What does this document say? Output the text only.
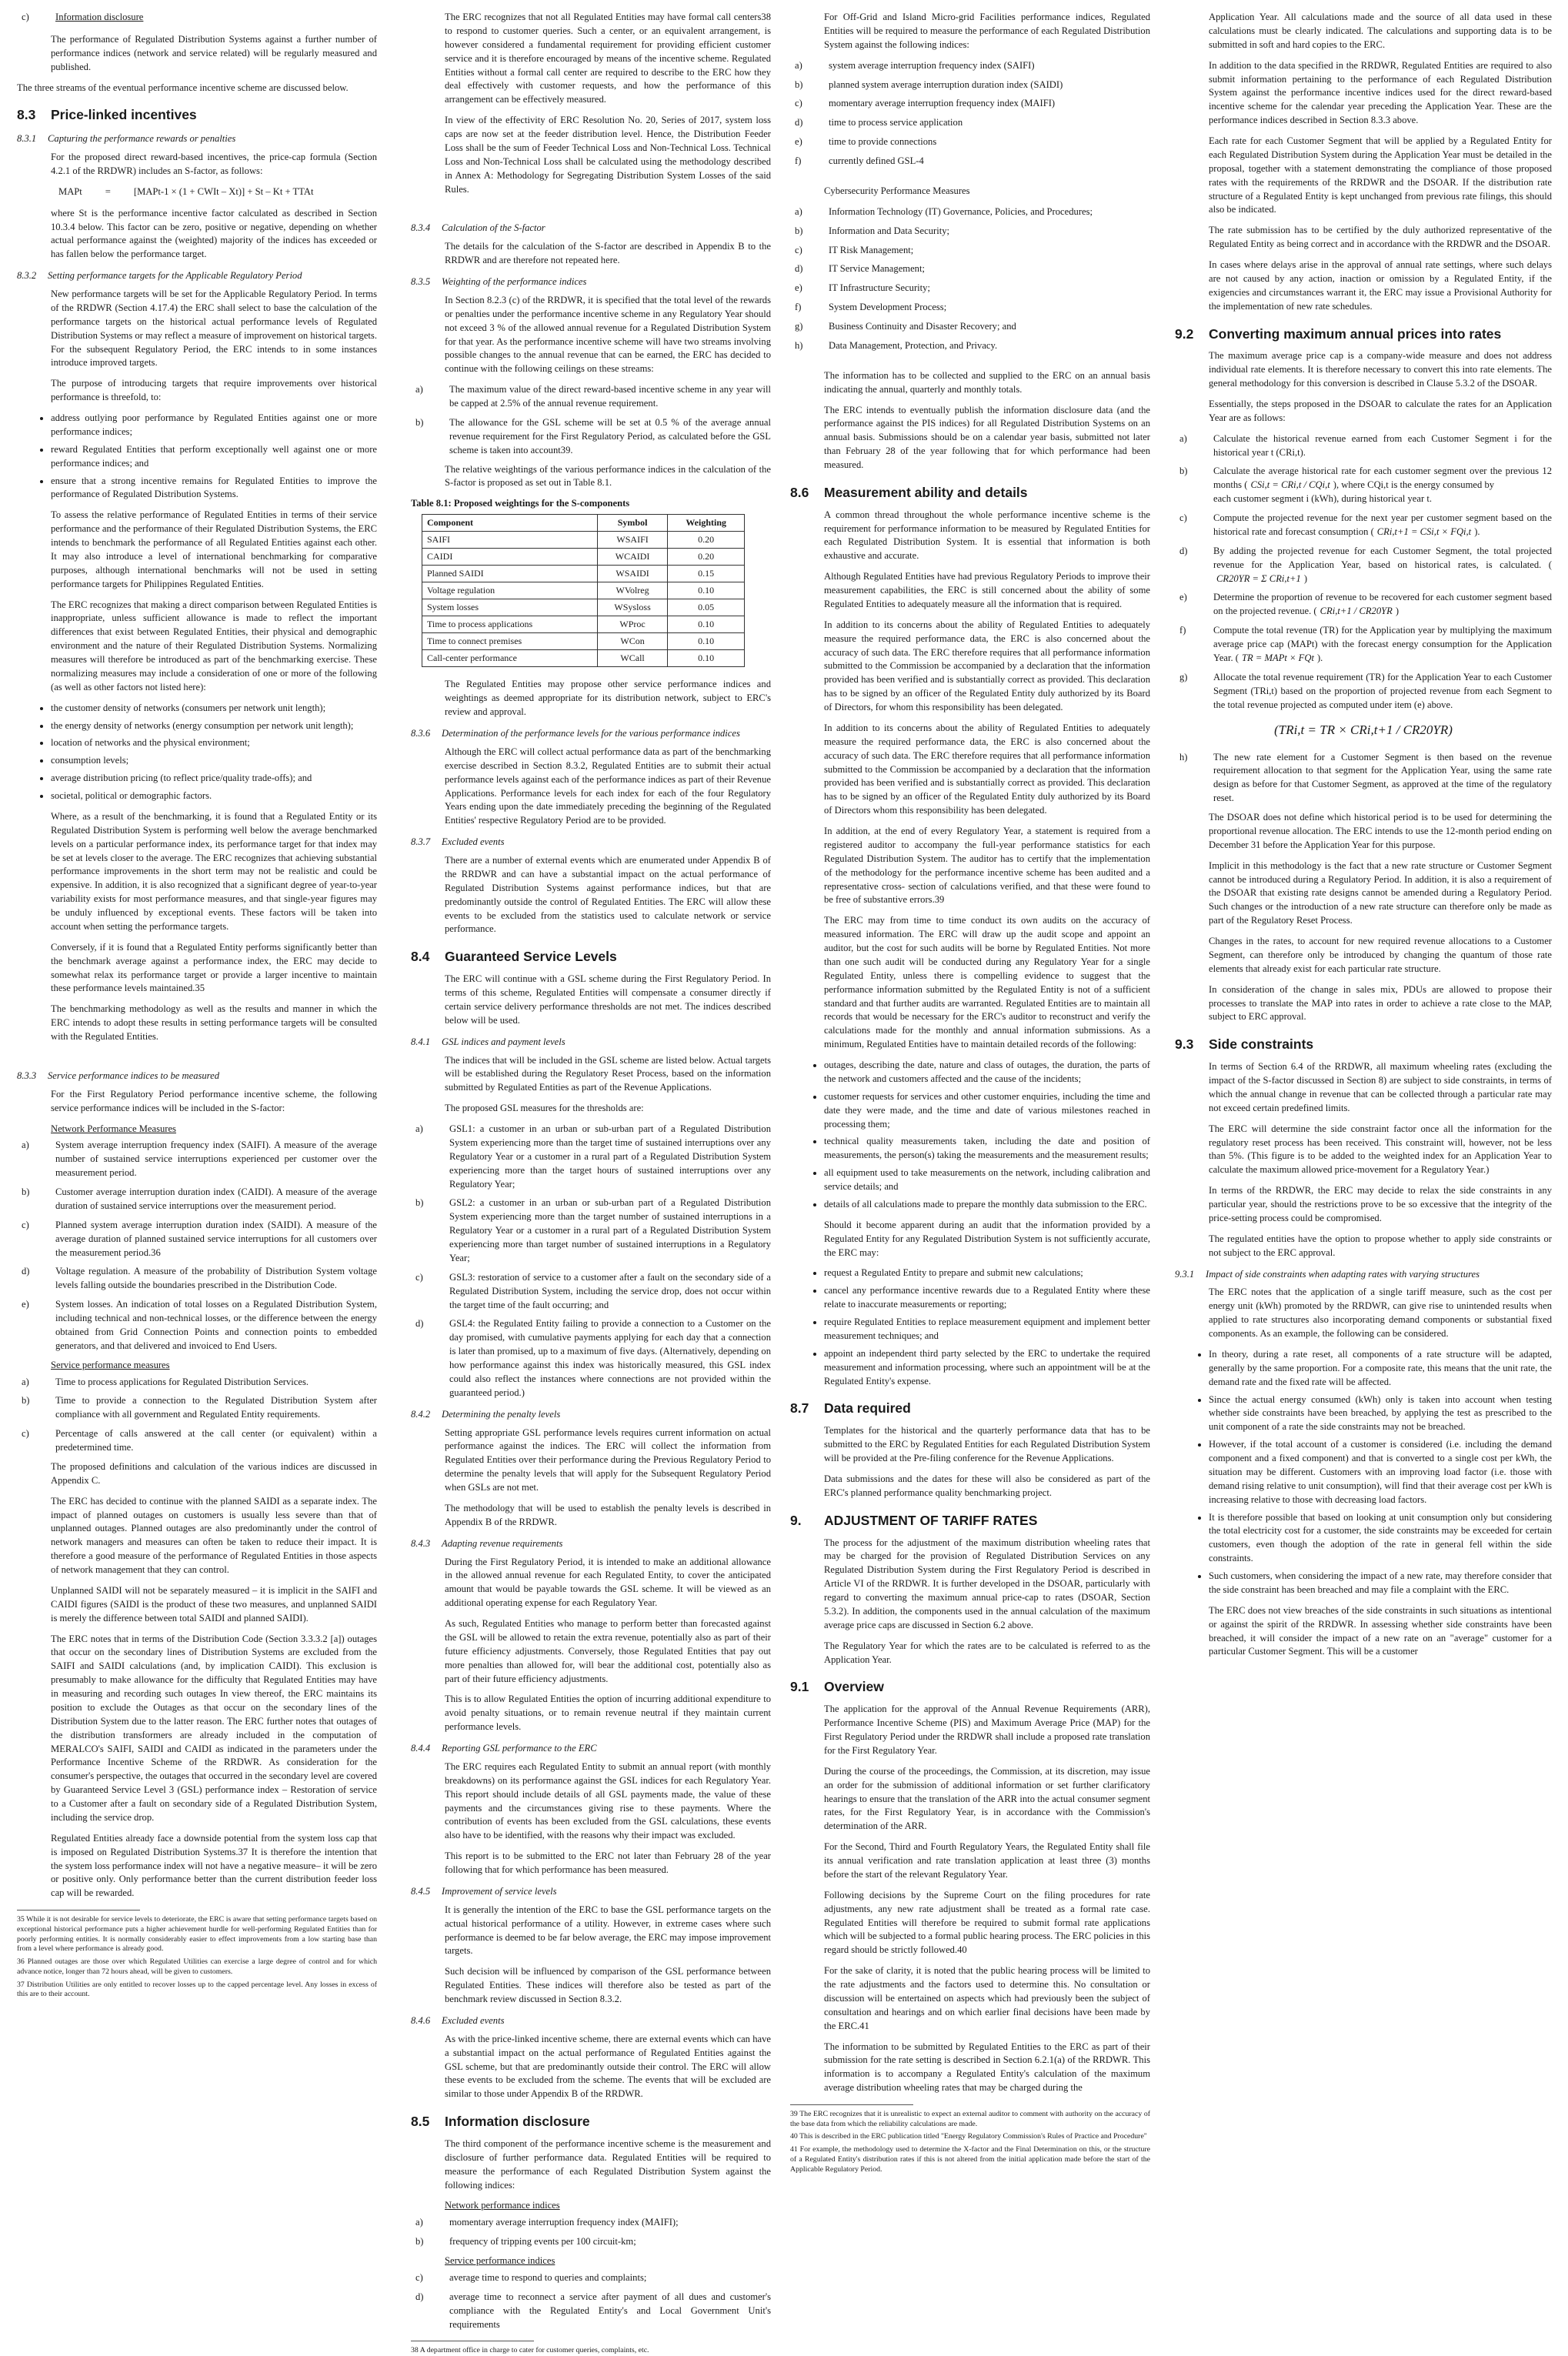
c)	Information disclosure

The performance of Regulated Distribution Systems against a further number of performance indices (network and service related) will be regularly measured and published.

The three streams of the eventual performance incentive scheme are discussed below.

8.3 Price-linked incentives
8.3.1 Capturing the performance rewards or penalties

For the proposed direct reward-based incentives, the price-cap formula (Section 4.2.1 of the RRDWR) includes an S-factor, as follows:

MAPt = [MAPt-1 × (1 + CWIt – Xt)] + St – Kt + TTAt

where St is the performance incentive factor calculated as described in Section 10.3.4 below. This factor can be zero, positive or negative, depending on whether actual performance against the (weighted) majority of the indices has exceeded or has fallen below the performance target.

8.3.2 Setting performance targets for the Applicable Regulatory Period

New performance targets will be set for the Applicable Regulatory Period. In terms of the RRDWR (Section 4.17.4) the ERC shall select to base the calculation of the performance targets on the historical actual performance levels of Regulated Distribution Systems or may reflect a measure of improvement on historical targets. For the subsequent Regulatory Period, the ERC intends to in some instances introduce improved targets.

The purpose of introducing targets that require improvements over historical performance is threefold, to:

• address outlying poor performance by Regulated Entities against one or more performance indices;
• reward Regulated Entities that perform exceptionally well against one or more performance indices; and
• ensure that a strong incentive remains for Regulated Entities to improve the performance of Regulated Distribution Systems.

To assess the relative performance of Regulated Entities in terms of their service performance and the performance of their Regulated Distribution Systems, the ERC intends to benchmark the performance of all Regulated Entities against each other. It may also introduce a level of international benchmarking for comparative purposes, although international benchmarks will not be used in setting performance targets for Philippines Regulated Entities.

The ERC recognizes that making a direct comparison between Regulated Entities is inappropriate, unless sufficient allowance is made to reflect the important differences that exist between Regulated Entities, their physical and demographic environment and the nature of their Regulated Distribution Systems. Normalizing measures will therefore be introduced as part of the benchmarking exercise. These normalizing measures may include a consideration of one or more of the following (as well as other factors not listed here):

• the customer density of networks (consumers per network unit length);
• the energy density of networks (energy consumption per network unit length);
• location of networks and the physical environment;
• consumption levels;
• average distribution pricing (to reflect price/quality trade-offs); and
• societal, political or demographic factors.

Where, as a result of the benchmarking, it is found that a Regulated Entity or its Regulated Distribution System is performing well below the average benchmarked levels on a particular performance index, its performance target for that index may be set at levels closer to the average. The ERC recognizes that achieving substantial performance improvements in the short term may not be realistic and could be expensive. In addition, it is also recognized that a significant degree of year-to-year variability exists for most performance measures, and that single-year figures may be unduly influenced by exceptional events. These factors will be taken into account when setting the performance targets.

Conversely, if it is found that a Regulated Entity performs significantly better than the benchmark average against a performance index, the ERC may decide to somewhat relax its performance target or provide a larger incentive to maintain these performance levels maintained.35

The benchmarking methodology as well as the results and manner in which the ERC intends to adopt these results in setting performance targets will be consulted with the Regulated Entities.

8.3.3 Service performance indices to be measured

For the First Regulatory Period performance incentive scheme, the following service performance indices will be included in the S-factor:

Network Performance Measures

a)	System average interruption frequency index (SAIFI). A measure of the average number of sustained service interruptions experienced per customer over the measurement period.
b)	Customer average interruption duration index (CAIDI). A measure of the average duration of sustained service interruptions over the measurement period.
c)	Planned system average interruption duration index (SAIDI). A measure of the average duration of planned sustained service interruptions for all customers over the measurement period.36
d)	Voltage regulation. A measure of the probability of Distribution System voltage levels falling outside the boundaries prescribed in the Distribution Code.
e)	System losses. An indication of total losses on a Regulated Distribution System, including technical and non-technical losses, or the difference between the energy obtained from Grid Connection Points and connection points to embedded generators, and that delivered and invoiced to End Users.

Service performance measures

a)	Time to process applications for Regulated Distribution Services.
b)	Time to provide a connection to the Regulated Distribution System after compliance with all government and Regulated Entity requirements.
c)	Percentage of calls answered at the call center (or equivalent) within a predetermined time.

The proposed definitions and calculation of the various indices are discussed in Appendix C.

The ERC has decided to continue with the planned SAIDI as a separate index. The impact of planned outages on customers is usually less severe than that of unplanned outages. Planned outages are also predominantly under the control of network managers and measures can often be taken to reduce their impact. It is therefore a good measure of the performance of Regulated Entities in those aspects of network management that they can control.

Unplanned SAIDI will not be separately measured – it is implicit in the SAIFI and CAIDI figures (SAIDI is the product of these two measures, and unplanned SAIDI is merely the difference between total SAIDI and planned SAIDI).

The ERC notes that in terms of the Distribution Code (Section 3.3.3.2 [a]) outages that occur on the secondary lines of Distribution Systems are excluded from the SAIFI and SAIDI calculations (and, by implication CAIDI). This exclusion is presumably to make allowance for the difficulty that Regulated Entities may have in measuring and recording such outages In view thereof, the ERC maintains its position to exclude the Outages as that occur on the secondary lines of the Distribution System due to the latter reason. The ERC further notes that outages of the distribution transformers are already included in the computation of MERALCO's SAIFI, SAIDI and CAIDI as indicated in the parameters under the Performance Incentive Scheme of the RRDWR. As consideration for the consumer's perspective, the outages that occurred in the secondary level are covered by Guaranteed Service Level 3 (GSL) performance index – Restoration of service to a Customer after a fault on secondary side of a Regulated Distribution System, including the service drop.

Regulated Entities already face a downside potential from the system loss cap that is imposed on Regulated Distribution Systems.37 It is therefore the intention that the system loss performance index will not have a negative measure– it will be zero or positive only. Only performance better than the current distribution feeder loss cap will be rewarded.

35 While it is not desirable for service levels to deteriorate, the ERC is aware that setting performance targets based on exceptional historical performance puts a higher achievement hurdle for well-performing Regulated Entities than for poorly performing entities. It is normally considerably easier to effect improvements from a low starting base than from a level where performance is already good.

36 Planned outages are those over which Regulated Utilities can exercise a large degree of control and for which advance notice, longer than 72 hours ahead, will be given to customers.

37 Distribution Utilities are only entitled to recover losses up to the capped percentage level. Any losses in excess of this are to their account.

The ERC recognizes that not all Regulated Entities may have formal call centers38 to respond to customer queries. Such a center, or an equivalent arrangement, is however considered a fundamental requirement for providing efficient customer service and it is therefore encouraged by means of the incentive scheme. Regulated Entities without a formal call center are required to describe to the ERC how they deal effectively with customer requests, and how the performance of this arrangement can be effectively measured.

In view of the effectivity of ERC Resolution No. 20, Series of 2017, system loss caps are now set at the feeder distribution level. Hence, the Distribution Feeder Loss shall be the sum of Feeder Technical Loss and Non-Technical Loss. Technical Loss and Non-Technical Loss shall be calculated using the methodology described in Annex A: Methodology for Segregating Distribution System Losses of the said Rules.

8.3.4 Calculation of the S-factor

The details for the calculation of the S-factor are described in Appendix B to the RRDWR and are therefore not repeated here.

8.3.5 Weighting of the performance indices

In Section 8.2.3 (c) of the RRDWR, it is specified that the total level of the rewards or penalties under the performance incentive scheme in any Regulatory Year should not exceed 3 % of the allowed annual revenue for a Regulated Distribution System for that year. As the performance incentive scheme will have two streams involving possible changes to the annual revenue that can be earned, the ERC has decided to continue with the following ceilings on these streams:

a)	The maximum value of the direct reward-based incentive scheme in any year will be capped at 2.5% of the annual revenue requirement.
b)	The allowance for the GSL scheme will be set at 0.5 % of the average annual revenue requirement for the First Regulatory Period, as calculated before the GSL scheme is taken into account39.

The relative weightings of the various performance indices in the calculation of the S-factor is proposed as set out in Table 8.1.

Table 8.1: Proposed weightings for the S-components

Component	Symbol	Weighting
SAIFI	WSAIFI	0.20
CAIDI	WCAIDI	0.20
Planned SAIDI	WSAIDI	0.15
Voltage regulation	WVolreg	0.10
System losses	WSysloss	0.05
Time to process applications	WProc	0.10
Time to connect premises	WCon	0.10
Call-center performance	WCall	0.10

The Regulated Entities may propose other service performance indices and weightings as deemed appropriate for its distribution network, subject to ERC's review and approval.

8.3.6 Determination of the performance levels for the various performance indices

Although the ERC will collect actual performance data as part of the benchmarking exercise described in Section 8.3.2, Regulated Entities are to submit their actual performance levels against each of the performance indices as part of their Revenue Applications. Performance levels for each index for each of the four Regulatory Years ending upon the date immediately preceding the beginning of the Regulated Entities' respective Regulatory Period are to be provided.

8.3.7 Excluded events

There are a number of external events which are enumerated under Appendix B of the RRDWR and can have a substantial impact on the actual performance of Regulated Distribution Systems against performance indices, but that are predominantly outside the control of Regulated Entities. The ERC will allow these events to be excluded from the statistics used to calculate network or service performance.

8.4 Guaranteed Service Levels

The ERC will continue with a GSL scheme during the First Regulatory Period. In terms of this scheme, Regulated Entities will compensate a consumer directly if certain service delivery performance thresholds are not met. The indices described below will be used.

8.4.1 GSL indices and payment levels

The indices that will be included in the GSL scheme are listed below. Actual targets will be established during the Regulatory Reset Process, based on the information submitted by Regulated Entities as part of the Revenue Applications.

The proposed GSL measures for the thresholds are:

a)	GSL1: a customer in an urban or sub-urban part of a Regulated Distribution System experiencing more than the target time of sustained interruptions over any Regulatory Year or a customer in a rural part of a Regulated Distribution System experiencing more than the target hours of sustained interruptions over any Regulatory Year;
b)	GSL2: a customer in an urban or sub-urban part of a Regulated Distribution System experiencing more than the target number of sustained interruptions in a Regulatory Year or a customer in a rural part of a Regulated Distribution System experiencing more than target number of sustained interruptions in a Regulatory Year;
c)	GSL3: restoration of service to a customer after a fault on the secondary side of a Regulated Distribution System, including the service drop, does not occur within the target time of the fault occurring; and
d)	GSL4: the Regulated Entity failing to provide a connection to a Customer on the day promised, with cumulative payments applying for each day that a connection is later than promised, up to a maximum of five days. (Alternatively, depending on how performance against this index was historically measured, this GSL index could also reflect the instances where connections are not provided within the guaranteed period.)
8.4.2 Determining the penalty levels

Setting appropriate GSL performance levels requires current information on actual performance against the indices. The ERC will collect the information from Regulated Entities over their performance during the Previous Regulatory Period to determine the penalty levels that will apply for the Subsequent Regulatory Period when GSLs are not met.

The methodology that will be used to establish the penalty levels is described in Appendix B of the RRDWR.

8.4.3 Adapting revenue requirements

During the First Regulatory Period, it is intended to make an additional allowance in the allowed annual revenue for each Regulated Entity, to cover the anticipated amount that would be payable towards the GSL scheme. It will be viewed as an additional operating expense for each Regulatory Year.

As such, Regulated Entities who manage to perform better than forecasted against the GSL will be allowed to retain the extra revenue, potentially also as part of their future efficiency adjustments. Conversely, those Regulated Entities that pay out more penalties than allowed for, will bear the additional cost, potentially also as part of their future efficiency adjustments.

This is to allow Regulated Entities the option of incurring additional expenditure to avoid penalty situations, or to remain revenue neutral if they maintain current performance levels.

8.4.4 Reporting GSL performance to the ERC

The ERC requires each Regulated Entity to submit an annual report (with monthly breakdowns) on its performance against the GSL indices for each Regulatory Year. This report should include details of all GSL payments made, the value of these payments and the circumstances giving rise to these payments. Where the contribution of events has been excluded from the GSL calculations, these events also have to be identified, with the reasons why their impact was excluded.

This report is to be submitted to the ERC not later than February 28 of the year following that for which performance has been measured.

8.4.5 Improvement of service levels

It is generally the intention of the ERC to base the GSL performance targets on the actual historical performance of a utility. However, in extreme cases where such performance is deemed to be far below average, the ERC may impose improvement targets.

Such decision will be influenced by comparison of the GSL performance between Regulated Entities. These indices will therefore also be tested as part of the benchmark review discussed in Section 8.3.2.

8.4.6 Excluded events

As with the price-linked incentive scheme, there are external events which can have a substantial impact on the actual performance of Regulated Entities against the GSL scheme, but that are predominantly outside their control. The ERC will allow these events to be excluded from the scheme. The events that will be excluded are similar to those under Appendix B of the RRDWR.

8.5 Information disclosure

The third component of the performance incentive scheme is the measurement and disclosure of further performance data. Regulated Entities will be required to measure the performance of each Regulated Distribution System against the following indices:

Network performance indices

a)	momentary average interruption frequency index (MAIFI);
b)	frequency of tripping events per 100 circuit-km;

Service performance indices

c)	average time to respond to queries and complaints;
d)	average time to reconnect a service after payment of all dues and customer's compliance with the Regulated Entity's and Local Government Unit's requirements

38 A department office in charge to cater for customer queries, complaints, etc.

For Off-Grid and Island Micro-grid Facilities performance indices, Regulated Entities will be required to measure the performance of each Regulated Distribution System against the following indices:

a)	system average interruption frequency index (SAIFI)
b)	planned system average interruption duration index (SAIDI)
c)	momentary average interruption frequency index (MAIFI)
d)	time to process service application
e)	time to provide connections
f)	currently defined GSL-4

Cybersecurity Performance Measures

a)	Information Technology (IT) Governance, Policies, and Procedures;
b)	Information and Data Security;
c)	IT Risk Management;
d)	IT Service Management;
e)	IT Infrastructure Security;
f)	System Development Process;
g)	Business Continuity and Disaster Recovery; and
h)	Data Management, Protection, and Privacy.

The information has to be collected and supplied to the ERC on an annual basis indicating the annual, quarterly and monthly totals.

The ERC intends to eventually publish the information disclosure data (and the performance against the PIS indices) for all Regulated Distribution Systems on an annual basis. Submissions should be on a calendar year basis, submitted not later than February 28 of the year following that for which performance had been measured.

8.6 Measurement ability and details

A common thread throughout the whole performance incentive scheme is the requirement for performance information to be measured by Regulated Entities for each Regulated Distribution System. It is essential that information is both exhaustive and accurate.

Although Regulated Entities have had previous Regulatory Periods to improve their measurement capabilities, the ERC is still concerned about the ability of some Regulated Entities to adequately measure all the information that is required.

In addition to its concerns about the ability of Regulated Entities to adequately measure the required performance data, the ERC is also concerned about the accuracy of such data. The ERC therefore requires that all performance information submitted to the Commission be accompanied by a declaration that the information provided has been verified and is substantially correct as provided. This declaration has to be signed by an officer of the Regulated Entity duly authorized by its Board of Directors, for whom this responsibility has been delegated.

In addition to its concerns about the ability of Regulated Entities to adequately measure the required performance data, the ERC is also concerned about the accuracy of such data. The ERC therefore requires that all performance information submitted to the Commission be accompanied by a declaration that the information provided has been verified and is substantially correct as provided. This declaration has to be signed by an officer of the Regulated Entity duly authorized by its Board of Directors whom this responsibility has been delegated.

In addition, at the end of every Regulatory Year, a statement is required from a registered auditor to accompany the full-year performance statistics for each Regulated Distribution System. The auditor has to certify that the implementation of the methodology for the performance incentive scheme has been audited and a representative cross- section of calculations verified, and that these were found to be free of substantive errors.39

The ERC may from time to time conduct its own audits on the accuracy of measured information. The ERC will draw up the audit scope and appoint an auditor, but the cost for such audits will be borne by Regulated Entities. Not more than one such audit will be conducted during any Regulatory Year for a single Regulated Entity, unless there is compelling evidence to suggest that the performance information submitted by the Regulated Entity is not of a sufficient standard and that further audits are warranted. Regulated Entities are to maintain all records that would be necessary for the ERC's auditor to reconstruct and verify the calculations made for the monthly and annual information submissions. As a minimum, Regulated Entities have to maintain detailed records of the following:

• outages, describing the date, nature and class of outages, the duration, the parts of the network and customers affected and the cause of the incidents;
• customer requests for services and other customer enquiries, including the time and date they were made, and the time and date of various milestones reached in processing them;
• technical quality measurements taken, including the date and position of measurements, the person(s) taking the measurements and the measurement results;
• all equipment used to take measurements on the network, including calibration and service details; and
• details of all calculations made to prepare the monthly data submission to the ERC.

Should it become apparent during an audit that the information provided by a Regulated Entity for any Regulated Distribution System is not sufficiently accurate, the ERC may:

• request a Regulated Entity to prepare and submit new calculations;
• cancel any performance incentive rewards due to a Regulated Entity where these relate to inaccurate measurements or reporting;
• require Regulated Entities to replace measurement equipment and implement better measurement techniques; and
• appoint an independent third party selected by the ERC to undertake the required measurement and information processing, where such an appointment will be at the Regulated Entity's expense.
8.7 Data required

Templates for the historical and the quarterly performance data that has to be submitted to the ERC by Regulated Entities for each Regulated Distribution System will be provided at the Pre-filing conference for the Revenue Applications.

Data submissions and the dates for these will also be considered as part of the ERC's planned performance quality benchmarking project.

9. ADJUSTMENT OF TARIFF RATES

The process for the adjustment of the maximum distribution wheeling rates that may be charged for the provision of Regulated Distribution Services on any Regulated Distribution System during the First Regulatory Period is described in Article VI of the RRDWR. It is further developed in the DSOAR, particularly with regard to converting the maximum annual price-cap to rates (DSOAR, Section 5.3.2). In addition, the components used in the annual calculation of the maximum average price caps are discussed in Section 6.2 above.

The Regulatory Year for which the rates are to be calculated is referred to as the Application Year.

9.1 Overview

The application for the approval of the Annual Revenue Requirements (ARR), Performance Incentive Scheme (PIS) and Maximum Average Price (MAP) for the First Regulatory Period under the RRDWR shall include a proposed rate translation for the First Regulatory Year.

During the course of the proceedings, the Commission, at its discretion, may issue an order for the submission of additional information or set further clarificatory hearings to ensure that the translation of the ARR into the actual consumer segment rates, for the First Regulatory Year, is in accordance with the Commission's determination of the ARR.

For the Second, Third and Fourth Regulatory Years, the Regulated Entity shall file its annual verification and rate translation application at least three (3) months before the start of the relevant Regulatory Year.

Following decisions by the Supreme Court on the filing procedures for rate adjustments, any new rate adjustment shall be treated as a formal rate case. Regulated Entities will therefore be required to submit formal rate applications which will be subjected to a formal public hearing process. The ERC policies in this regard should be strictly followed.40

For the sake of clarity, it is noted that the public hearing process will be limited to the rate adjustments and the factors used to determine this. No consultation or discussion will be entertained on aspects which had previously been the subject of consultation and hearings and on which earlier final decisions have been made by the ERC.41

The information to be submitted by Regulated Entities to the ERC as part of their submission for the rate setting is described in Section 6.2.1(a) of the RRDWR. This information is to accompany a Regulated Entity's calculation of the maximum average distribution wheeling rates that may be charged during the

39 The ERC recognizes that it is unrealistic to expect an external auditor to comment with authority on the accuracy of the base data from which the reliability calculations are made.

40 This is described in the ERC publication titled "Energy Regulatory Commission's Rules of Practice and Procedure"

41 For example, the methodology used to determine the X-factor and the Final Determination on this, or the structure of a Regulated Entity's distribution rates if this is not altered from the initial application made before the start of the Applicable Regulatory Period.

Application Year. All calculations made and the source of all data used in these calculations must be clearly indicated. The calculations and supporting data is to be submitted in soft and hard copies to the ERC.

In addition to the data specified in the RRDWR, Regulated Entities are required to also submit information pertaining to the performance of each Regulated Distribution System against the performance incentive indices used for the direct reward-based incentive scheme for the calendar year preceding the Application Year. These are the performance indices described in Section 8.3.3 above.

Each rate for each Customer Segment that will be applied by a Regulated Entity for each Regulated Distribution System during the Application Year must be detailed in the proposal, together with a statement demonstrating the compliance of those proposed rates with the requirements of the RRDWR and the DSOAR. If the distribution rate structure of a Regulated Entity is kept unchanged from previous rate filings, this should also be indicated.

The rate submission has to be certified by the duly authorized representative of the Regulated Entity as being correct and in accordance with the RRDWR and the DSOAR.

In cases where delays arise in the approval of annual rate settings, where such delays are not caused by any action, inaction or omission by a Regulated Entity, if the exigencies and circumstances warrant it, the ERC may issue a Provisional Authority for the implementation of new rate schedules.

9.2 Converting maximum annual prices into rates

The maximum average price cap is a company-wide measure and does not address individual rate elements. It is therefore necessary to convert this into rate elements. The general methodology for this conversion is described in Clause 5.3.2 of the DSOAR.

Essentially, the steps proposed in the DSOAR to calculate the rates for an Application Year are as follows:

a)	Calculate the historical revenue earned from each Customer Segment i for the historical year t (CRi,t).
b)	Calculate the average historical rate for each customer segment over the previous 12 months ( CSi,t = CRi,t / CQi,t ), where CQi,t is the energy consumed by
each customer segment i (kWh), during historical year t.
c)	Compute the projected revenue for the next year per customer segment based on the historical rate and forecast consumption ( CRi,t+1 = CSi,t × FQi,t ).
d)	By adding the projected revenue for each Customer Segment, the total projected revenue for the Application Year, based on historical rates, is calculated. (CR20YR = Σ CRi,t+1 )
e)	Determine the proportion of revenue to be recovered for each customer segment based on the projected revenue. ( CRi,t+1 / CR20YR )
f)	Compute the total revenue (TR) for the Application year by multiplying the maximum average price cap (MAPt) with the forecast energy consumption for the Application Year. ( TR = MAPt × FQt ).
g)	Allocate the total revenue requirement (TR) for the Application Year to each Customer Segment (TRi,t) based on the proportion of projected revenue from each Segment to the total revenue projected as computed under item (e) above.
(TRi,t = TR × CRi,t+1 / CR20YR)
h)	The new rate element for a Customer Segment is then based on the revenue requirement allocation to that segment for the Application Year, using the same rate design as before for that Customer Segment, as approved at the time of the regulatory reset.

The DSOAR does not define which historical period is to be used for determining the proportional revenue allocation. The ERC intends to use the 12-month period ending on December 31 before the Application Year for this purpose.

Implicit in this methodology is the fact that a new rate structure or Customer Segment cannot be introduced during a Regulatory Period. In addition, it is also a requirement of the DSOAR that existing rate designs cannot be amended during a Regulatory Period. Such changes or the introduction of a new rate structure can therefore only be made as part of the Regulatory Reset Process.

Changes in the rates, to account for new required revenue allocations to a Customer Segment, can therefore only be introduced by changing the quantum of those rate elements that already exist for each particular rate structure.

In consideration of the change in sales mix, PDUs are allowed to propose their processes to translate the MAP into rates in order to achieve a rate close to the MAP, subject to ERC approval.

9.3 Side constraints

In terms of Section 6.4 of the RRDWR, all maximum wheeling rates (excluding the impact of the S-factor discussed in Section 8) are subject to side constraints, in terms of which the annual change in revenue that can be collected through a particular rate may not exceed certain predefined limits.

The ERC will determine the side constraint factor once all the information for the regulatory reset process has been received. This constraint will, however, not be less than 5%. (This figure is to be added to the weighted index for an Application Year to calculate the maximum allowed price-movement for a Regulatory Year.)

In terms of the RRDWR, the ERC may decide to relax the side constraints in any particular year, should the restrictions prove to be so excessive that the integrity of the price-setting process could be compromised.

The regulated entities have the option to propose whether to apply side constraints or not subject to the ERC approval.

9.3.1 Impact of side constraints when adapting rates with varying structures

The ERC notes that the application of a single tariff measure, such as the cost per energy unit (kWh) promoted by the RRDWR, can give rise to unintended results when applied to rate structures also incorporating demand components or substantial fixed components. As an example, the following can be considered.

• In theory, during a rate reset, all components of a rate structure will be adapted, generally by the same proportion. For a composite rate, this means that the unit rate, the demand rate and the fixed rate will be affected.
• Since the actual energy consumed (kWh) only is taken into account when testing whether side constraints have been breached, by applying the test as prescribed to the unit component of a rate the side constraints may not be breached.
• However, if the total account of a customer is considered (i.e. including the demand component and a fixed component) and that is converted to a single cost per kWh, the situation may be different. Customers with an improving load factor (i.e. those with demand rising relative to unit consumption), will find that their average cost per kWh is increasing relative to those with decreasing load factors.
• It is therefore possible that based on looking at unit consumption only but considering the total electricity cost for a customer, the side constraints may be exceeded for certain customers, even though the adoption of the rate in general fell within the side constraints.
• Such customers, when considering the impact of a new rate, may therefore consider that the side constraint has been breached and may file a complaint with the ERC.

The ERC does not view breaches of the side constraints in such situations as intentional or against the spirit of the RRDWR. In assessing whether side constraints have been breached, it will consider the impact of a new rate on an "average" customer for a particular Customer Segment. This will be a customer
